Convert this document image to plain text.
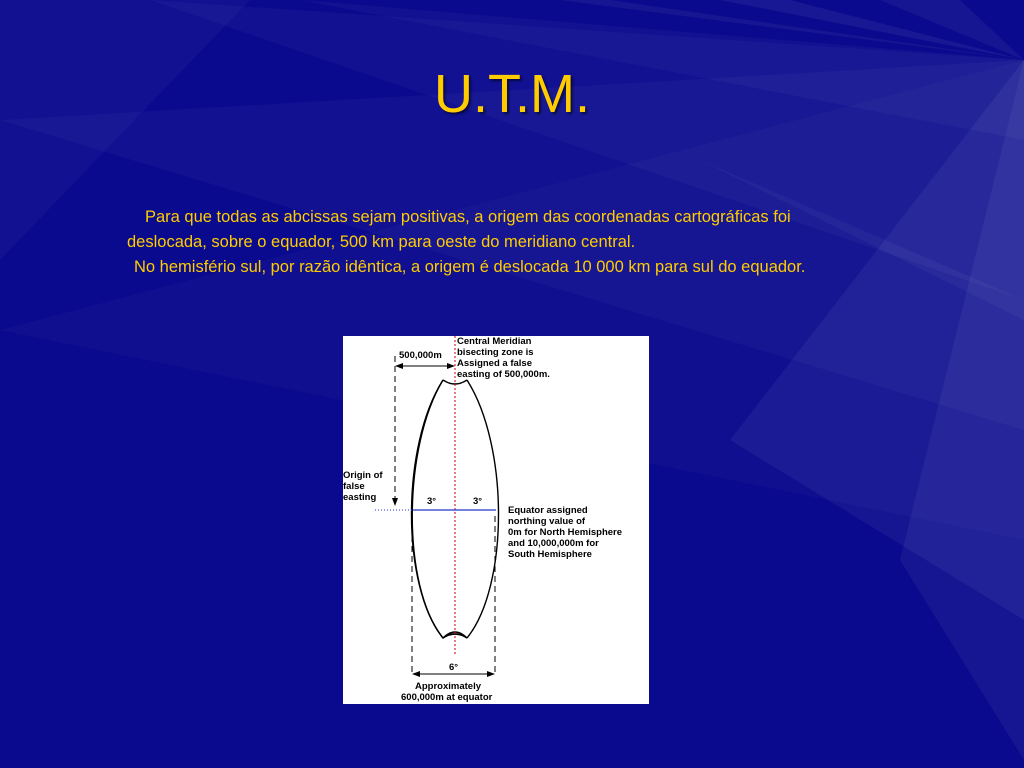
U.T.M.
Para que todas as abcissas sejam positivas, a origem das coordenadas cartográficas foi
deslocada, sobre o equador, 500 km para oeste do meridiano central.
No hemisfério sul, por razão idêntica, a origem é deslocada 10 000 km para sul do equador.
500,000m
Central Meridian
bisecting zone is
Assigned a false
easting of 500,000m.
Origin of
false
easting	3°	3°
Equator assigned
northing value of
0m for North Hemisphere
and 10,000,000m for
South Hemisphere
6°
Approximately
600,000m at equator
